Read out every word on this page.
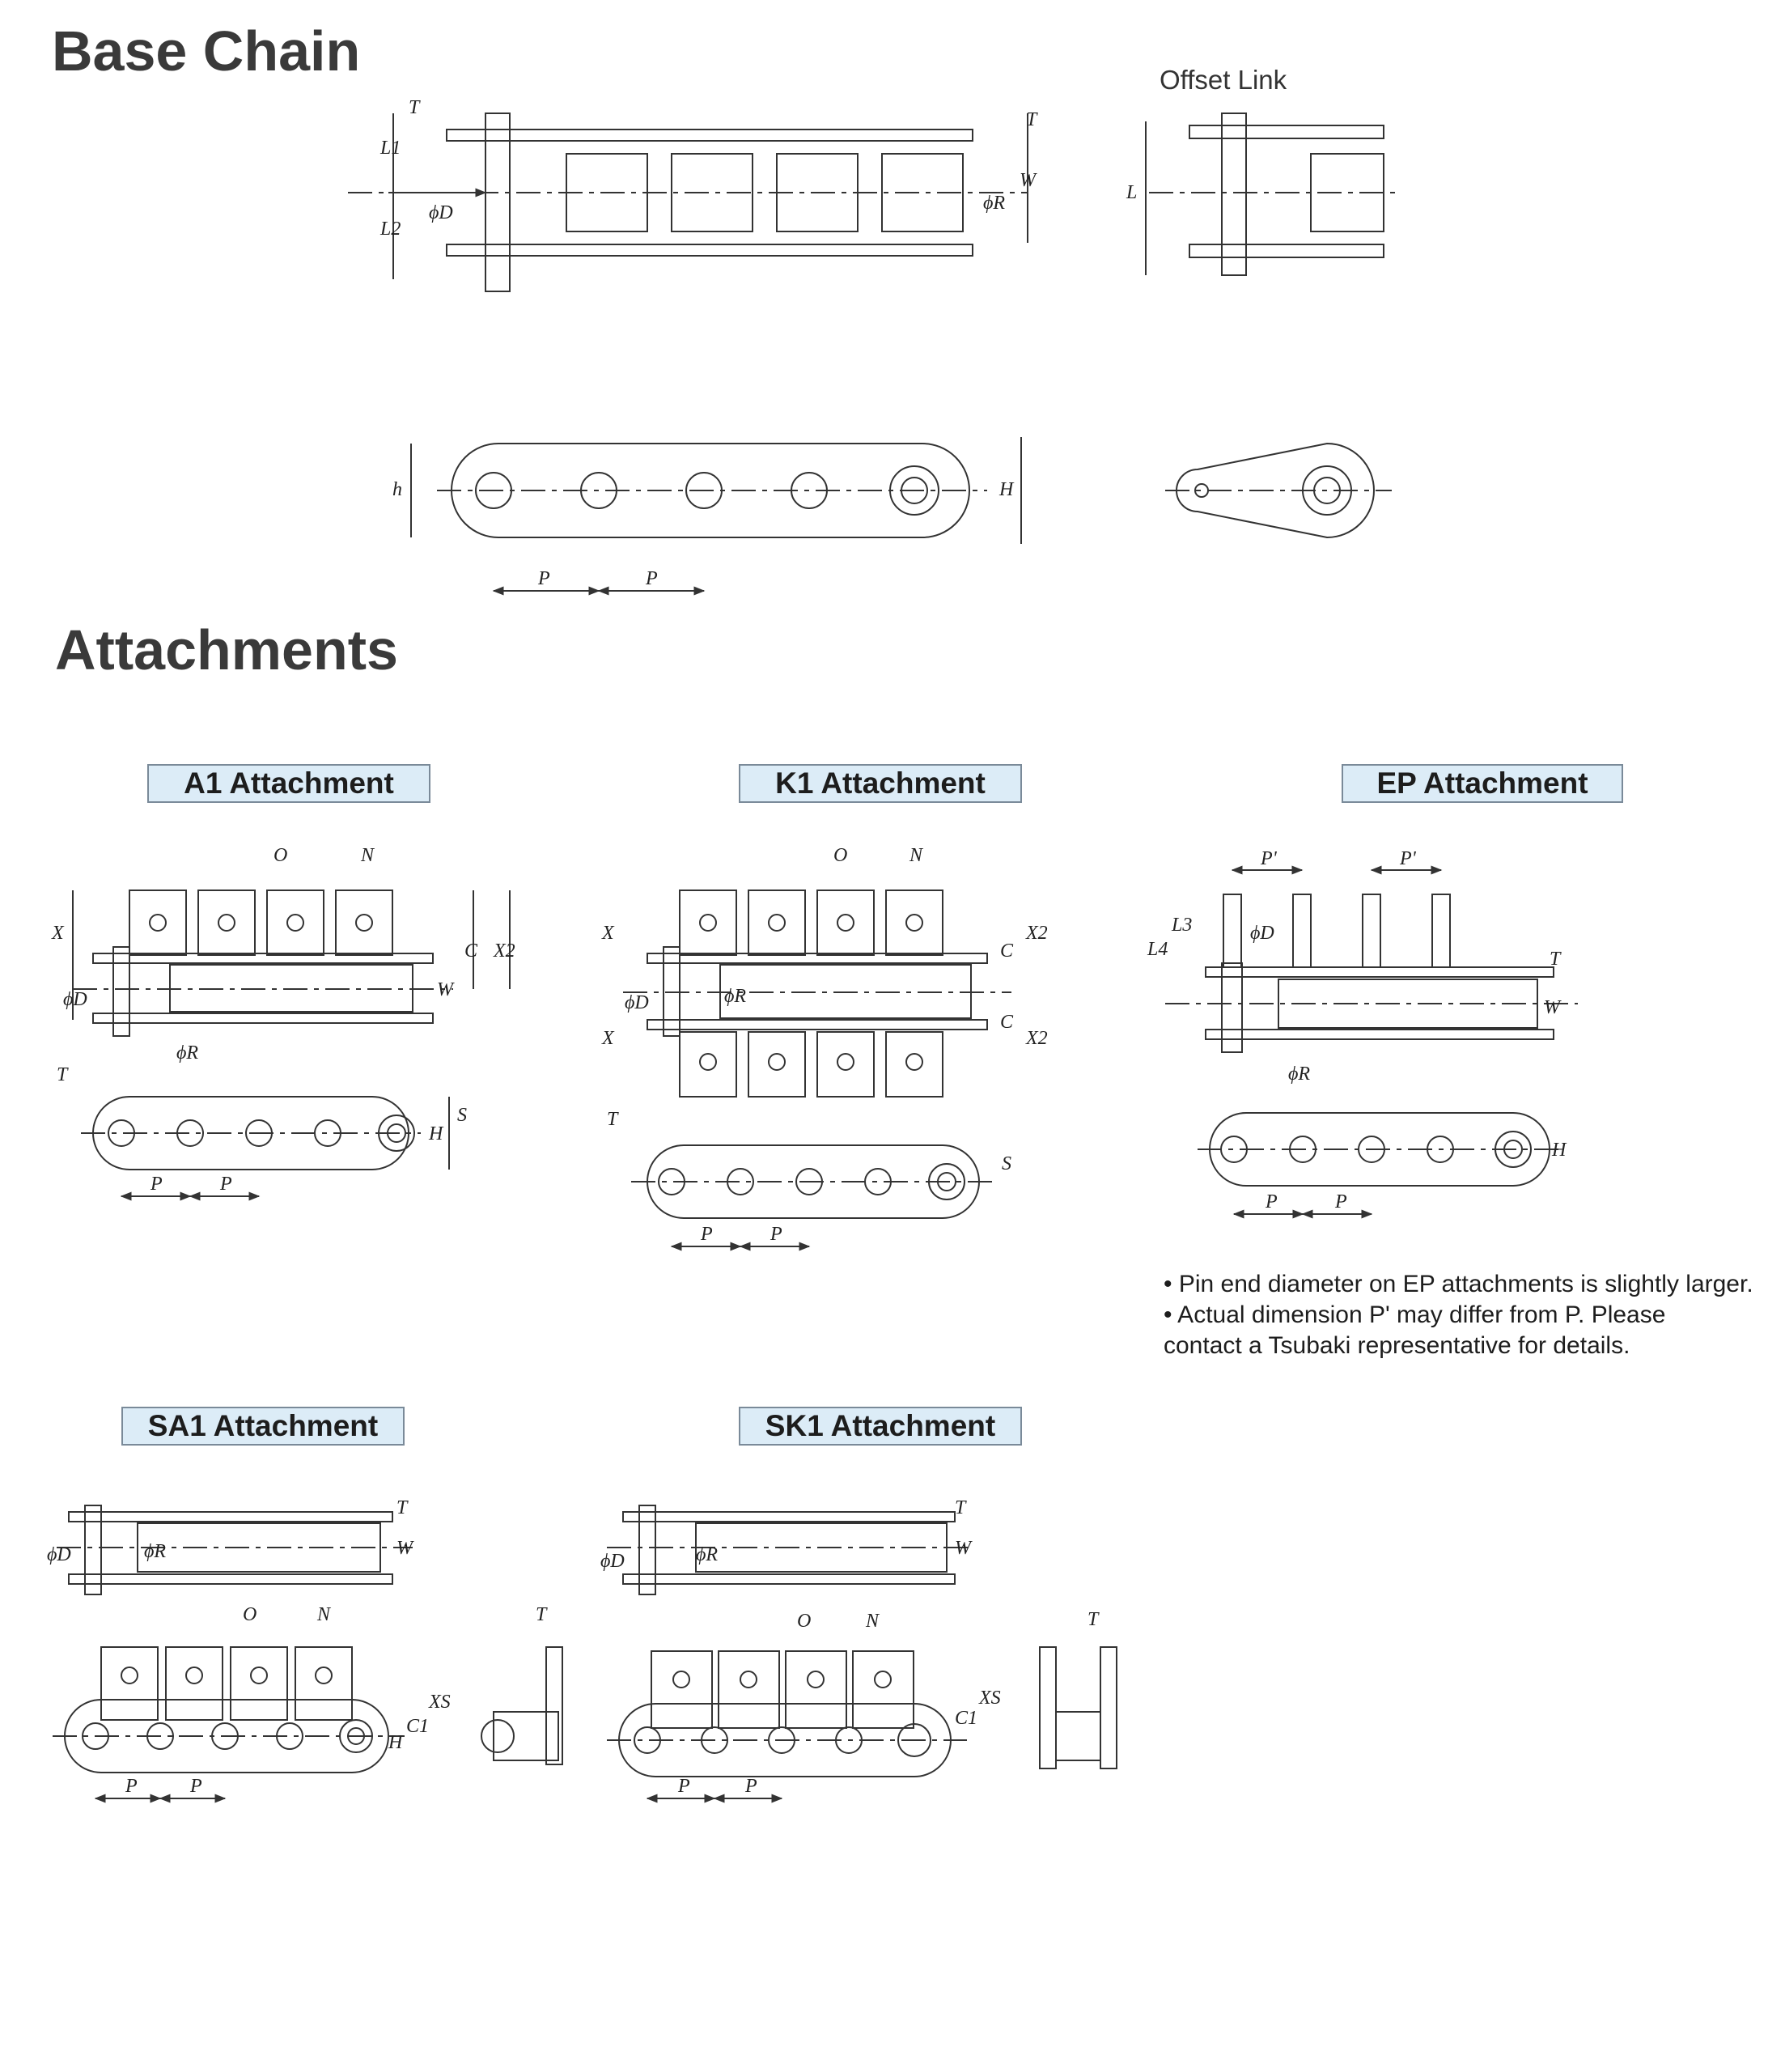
Base Chain
Attachments
Offset Link
A1 Attachment	K1 Attachment	EP Attachment
SA1 Attachment	SK1 Attachment
• Pin end diameter on EP attachments is slightly larger.
• Actual dimension P' may differ from P. Please
contact a Tsubaki representative for details.
T
L1
L2
ϕD	ϕR
W
T
L
h	H
P	P
O	N
X
ϕD
ϕR
C X2
W
T
P	P
H
S
O	N
X
X
ϕD	ϕR
C
C
X2
X2
T
S
P	P
P'	P'
L4
L3	ϕD
ϕR
W
T
P	P
H
ϕD	ϕR	W
T
O	N
C1
XS
H
P	P
T
ϕD	ϕR	W
T
O	N
C1
XS
P	P
T
